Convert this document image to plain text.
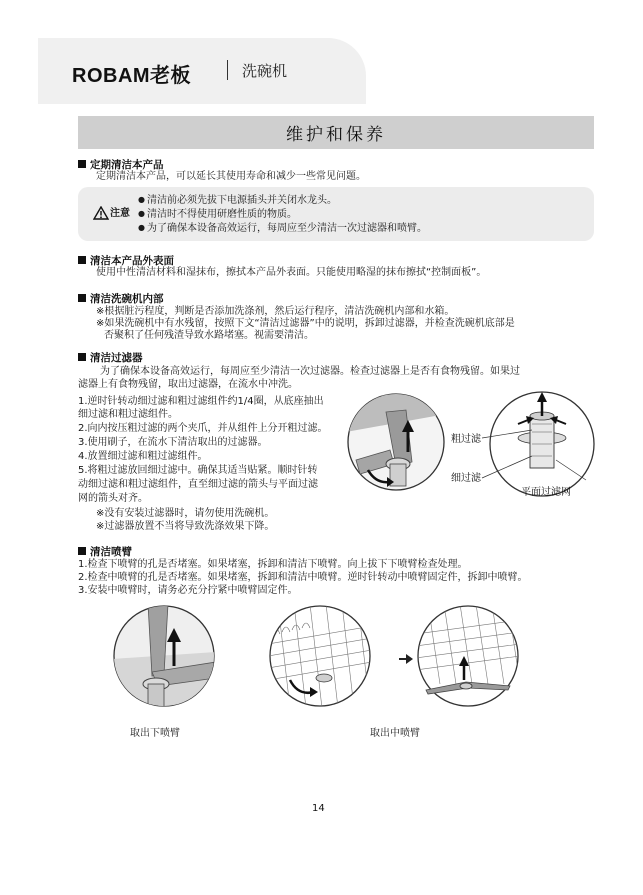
ROBAM老板	洗碗机
维护和保养
定期清洁本产品
定期清洁本产品，可以延长其使用寿命和减少一些常见问题。
注意
● 清洁前必须先拔下电源插头并关闭水龙头。
● 清洁时不得使用研磨性质的物质。
● 为了确保本设备高效运行，每周应至少清洁一次过滤器和喷臂。
清洁本产品外表面
使用中性清洁材料和湿抹布，擦拭本产品外表面。只能使用略湿的抹布擦拭“控制面板”。
清洁洗碗机内部
※根据脏污程度，判断是否添加洗涤剂，然后运行程序，清洁洗碗机内部和水箱。
※如果洗碗机中有水残留，按照下文“清洁过滤器”中的说明，拆卸过滤器，并检查洗碗机底部是
否聚积了任何残渣导致水路堵塞。视需要清洁。
清洁过滤器
为了确保本设备高效运行，每周应至少清洁一次过滤器。检查过滤器上是否有食物残留。如果过
滤器上有食物残留，取出过滤器，在流水中冲洗。
1.逆时针转动细过滤和粗过滤组件约1/4圈，从底座抽出
细过滤和粗过滤组件。
2.向内按压粗过滤的两个夹爪，并从组件上分开粗过滤。
3.使用刷子，在流水下清洁取出的过滤器。
4.放置细过滤和粗过滤组件。
5.将粗过滤放回细过滤中。确保其适当贴紧。顺时针转
动细过滤和粗过滤组件，直至细过滤的箭头与平面过滤
网的箭头对齐。
※没有安装过滤器时，请勿使用洗碗机。
※过滤器放置不当将导致洗涤效果下降。
粗过滤
细过滤
平面过滤网
清洁喷臂
1.检查下喷臂的孔是否堵塞。如果堵塞，拆卸和清洁下喷臂。向上拔下下喷臂检查处理。
2.检查中喷臂的孔是否堵塞。如果堵塞，拆卸和清洁中喷臂。逆时针转动中喷臂固定件，拆卸中喷臂。
3.安装中喷臂时，请务必充分拧紧中喷臂固定件。
取出下喷臂	取出中喷臂
14
